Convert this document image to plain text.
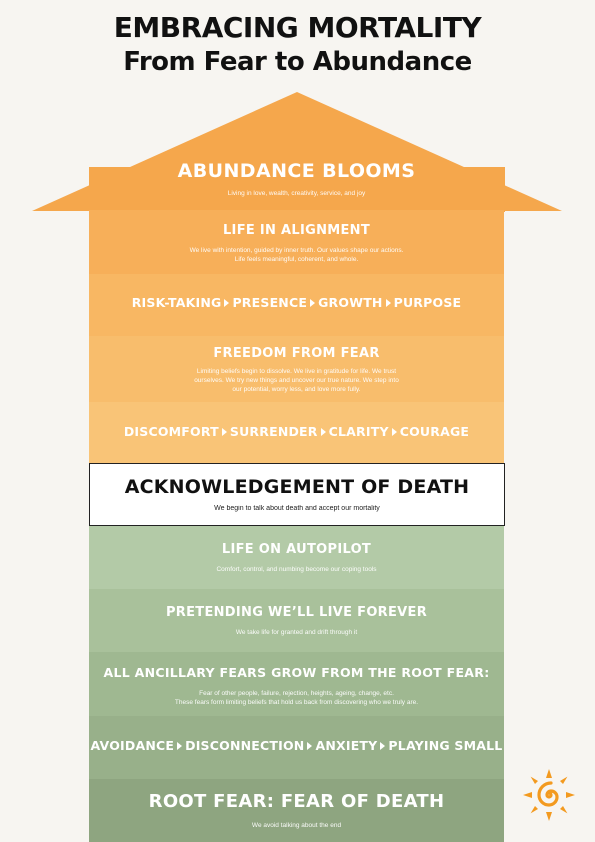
EMBRACING MORTALITY
From Fear to Abundance
ABUNDANCE BLOOMS
Living in love, wealth, creativity, service, and joy
LIFE IN ALIGNMENT
We live with intention, guided by inner truth. Our values shape our actions.
Life feels meaningful, coherent, and whole.
RISK-TAKING PRESENCE GROWTH PURPOSE
FREEDOM FROM FEAR
Limiting beliefs begin to dissolve. We live in gratitude for life. We trust
ourselves. We try new things and uncover our true nature. We step into
our potential, worry less, and love more fully.
DISCOMFORT SURRENDER CLARITY COURAGE
ACKNOWLEDGEMENT OF DEATH
We begin to talk about death and accept our mortality
LIFE ON AUTOPILOT
Comfort, control, and numbing become our coping tools
PRETENDING WE’LL LIVE FOREVER
We take life for granted and drift through it
ALL ANCILLARY FEARS GROW FROM THE ROOT FEAR:
Fear of other people, failure, rejection, heights, ageing, change, etc.
These fears form limiting beliefs that hold us back from discovering who we truly are.
AVOIDANCE DISCONNECTION ANXIETY PLAYING SMALL
ROOT FEAR: FEAR OF DEATH
We avoid talking about the end
